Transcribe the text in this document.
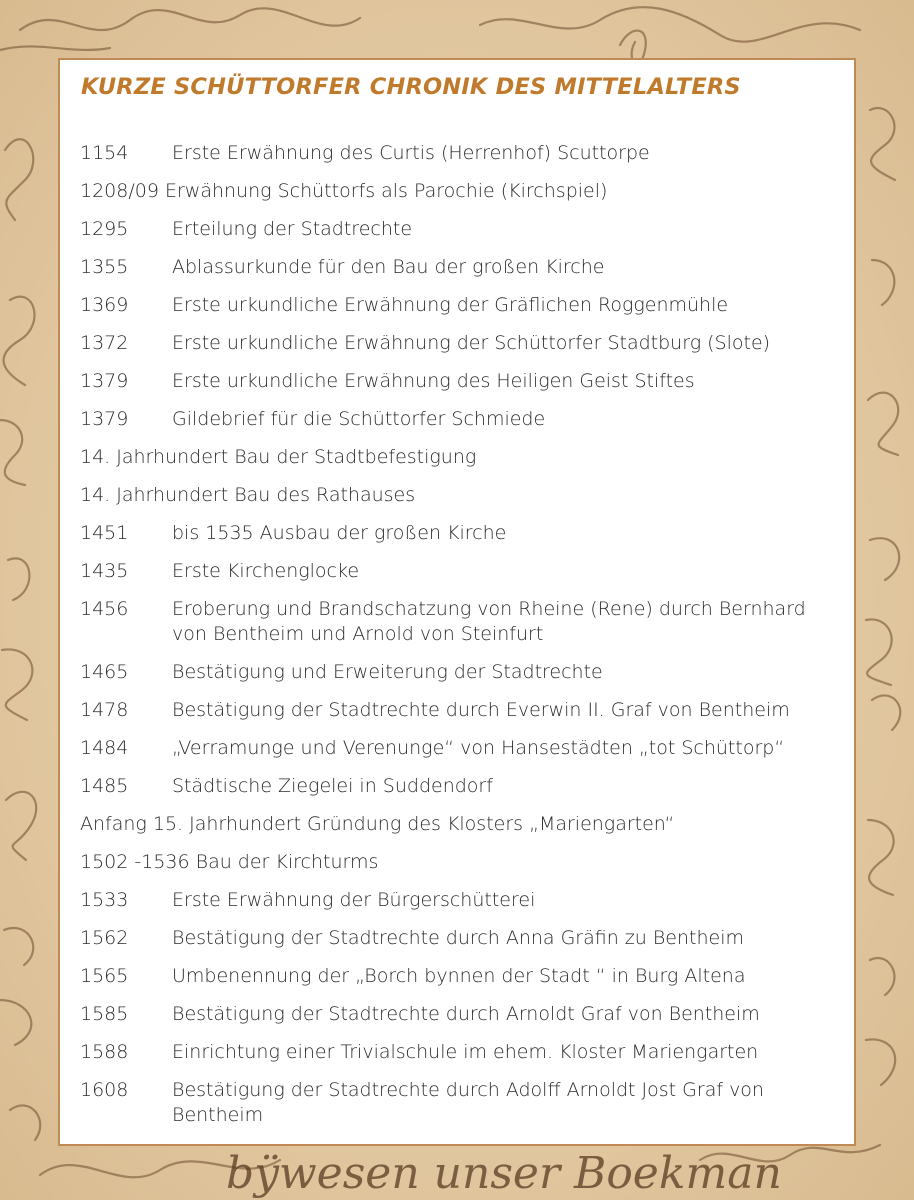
bÿwesen unser Boekman
KURZE SCHÜTTORFER CHRONIK DES MITTELALTERS
1154	Erste Erwähnung des Curtis (Herrenhof) Scuttorpe
1208/09 Erwähnung Schüttorfs als Parochie (Kirchspiel)
1295	Erteilung der Stadtrechte
1355	Ablassurkunde für den Bau der großen Kirche
1369	Erste urkundliche Erwähnung der Gräflichen Roggenmühle
1372	Erste urkundliche Erwähnung der Schüttorfer Stadtburg (Slote)
1379	Erste urkundliche Erwähnung des Heiligen Geist Stiftes
1379	Gildebrief für die Schüttorfer Schmiede
14. Jahrhundert Bau der Stadtbefestigung
14. Jahrhundert Bau des Rathauses
1451	bis 1535 Ausbau der großen Kirche
1435	Erste Kirchenglocke
1456	Eroberung und Brandschatzung von Rheine (Rene) durch Bernhard
von Bentheim und Arnold von Steinfurt
1465	Bestätigung und Erweiterung der Stadtrechte
1478	Bestätigung der Stadtrechte durch Everwin II. Graf von Bentheim
1484	„Verramunge und Verenunge“ von Hansestädten „tot Schüttorp“
1485	Städtische Ziegelei in Suddendorf
Anfang 15. Jahrhundert Gründung des Klosters „Mariengarten“
1502 -1536 Bau der Kirchturms
1533	Erste Erwähnung der Bürgerschütterei
1562	Bestätigung der Stadtrechte durch Anna Gräfin zu Bentheim
1565	Umbenennung der „Borch bynnen der Stadt “ in Burg Altena
1585	Bestätigung der Stadtrechte durch Arnoldt Graf von Bentheim
1588	Einrichtung einer Trivialschule im ehem. Kloster Mariengarten
1608	Bestätigung der Stadtrechte durch Adolff Arnoldt Jost Graf von
Bentheim
